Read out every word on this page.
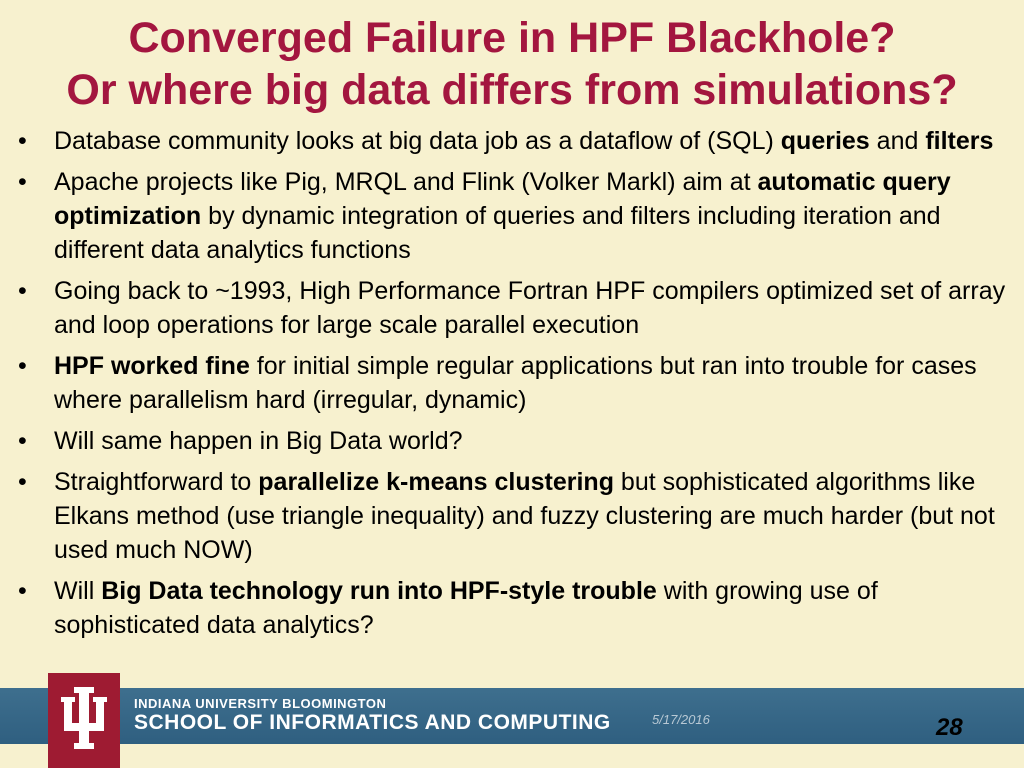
Converged Failure in HPF Blackhole?
Or where big data differs from simulations?
•	Database community looks at big data job as a dataflow of (SQL) queries and filters
•	Apache projects like Pig, MRQL and Flink (Volker Markl) aim at automatic query optimization by dynamic integration of queries and filters including iteration and different data analytics functions
•	Going back to ~1993, High Performance Fortran HPF compilers optimized set of array and loop operations for large scale parallel execution
•	HPF worked fine for initial simple regular applications but ran into trouble for cases where parallelism hard (irregular, dynamic)
•	Will same happen in Big Data world?
•	Straightforward to parallelize k-means clustering but sophisticated algorithms like Elkans method (use triangle inequality) and fuzzy clustering are much harder (but not used much NOW)
•	Will Big Data technology run into HPF-style trouble with growing use of sophisticated data analytics?
INDIANA UNIVERSITY BLOOMINGTON
SCHOOL OF INFORMATICS AND COMPUTING	5/17/2016	28
